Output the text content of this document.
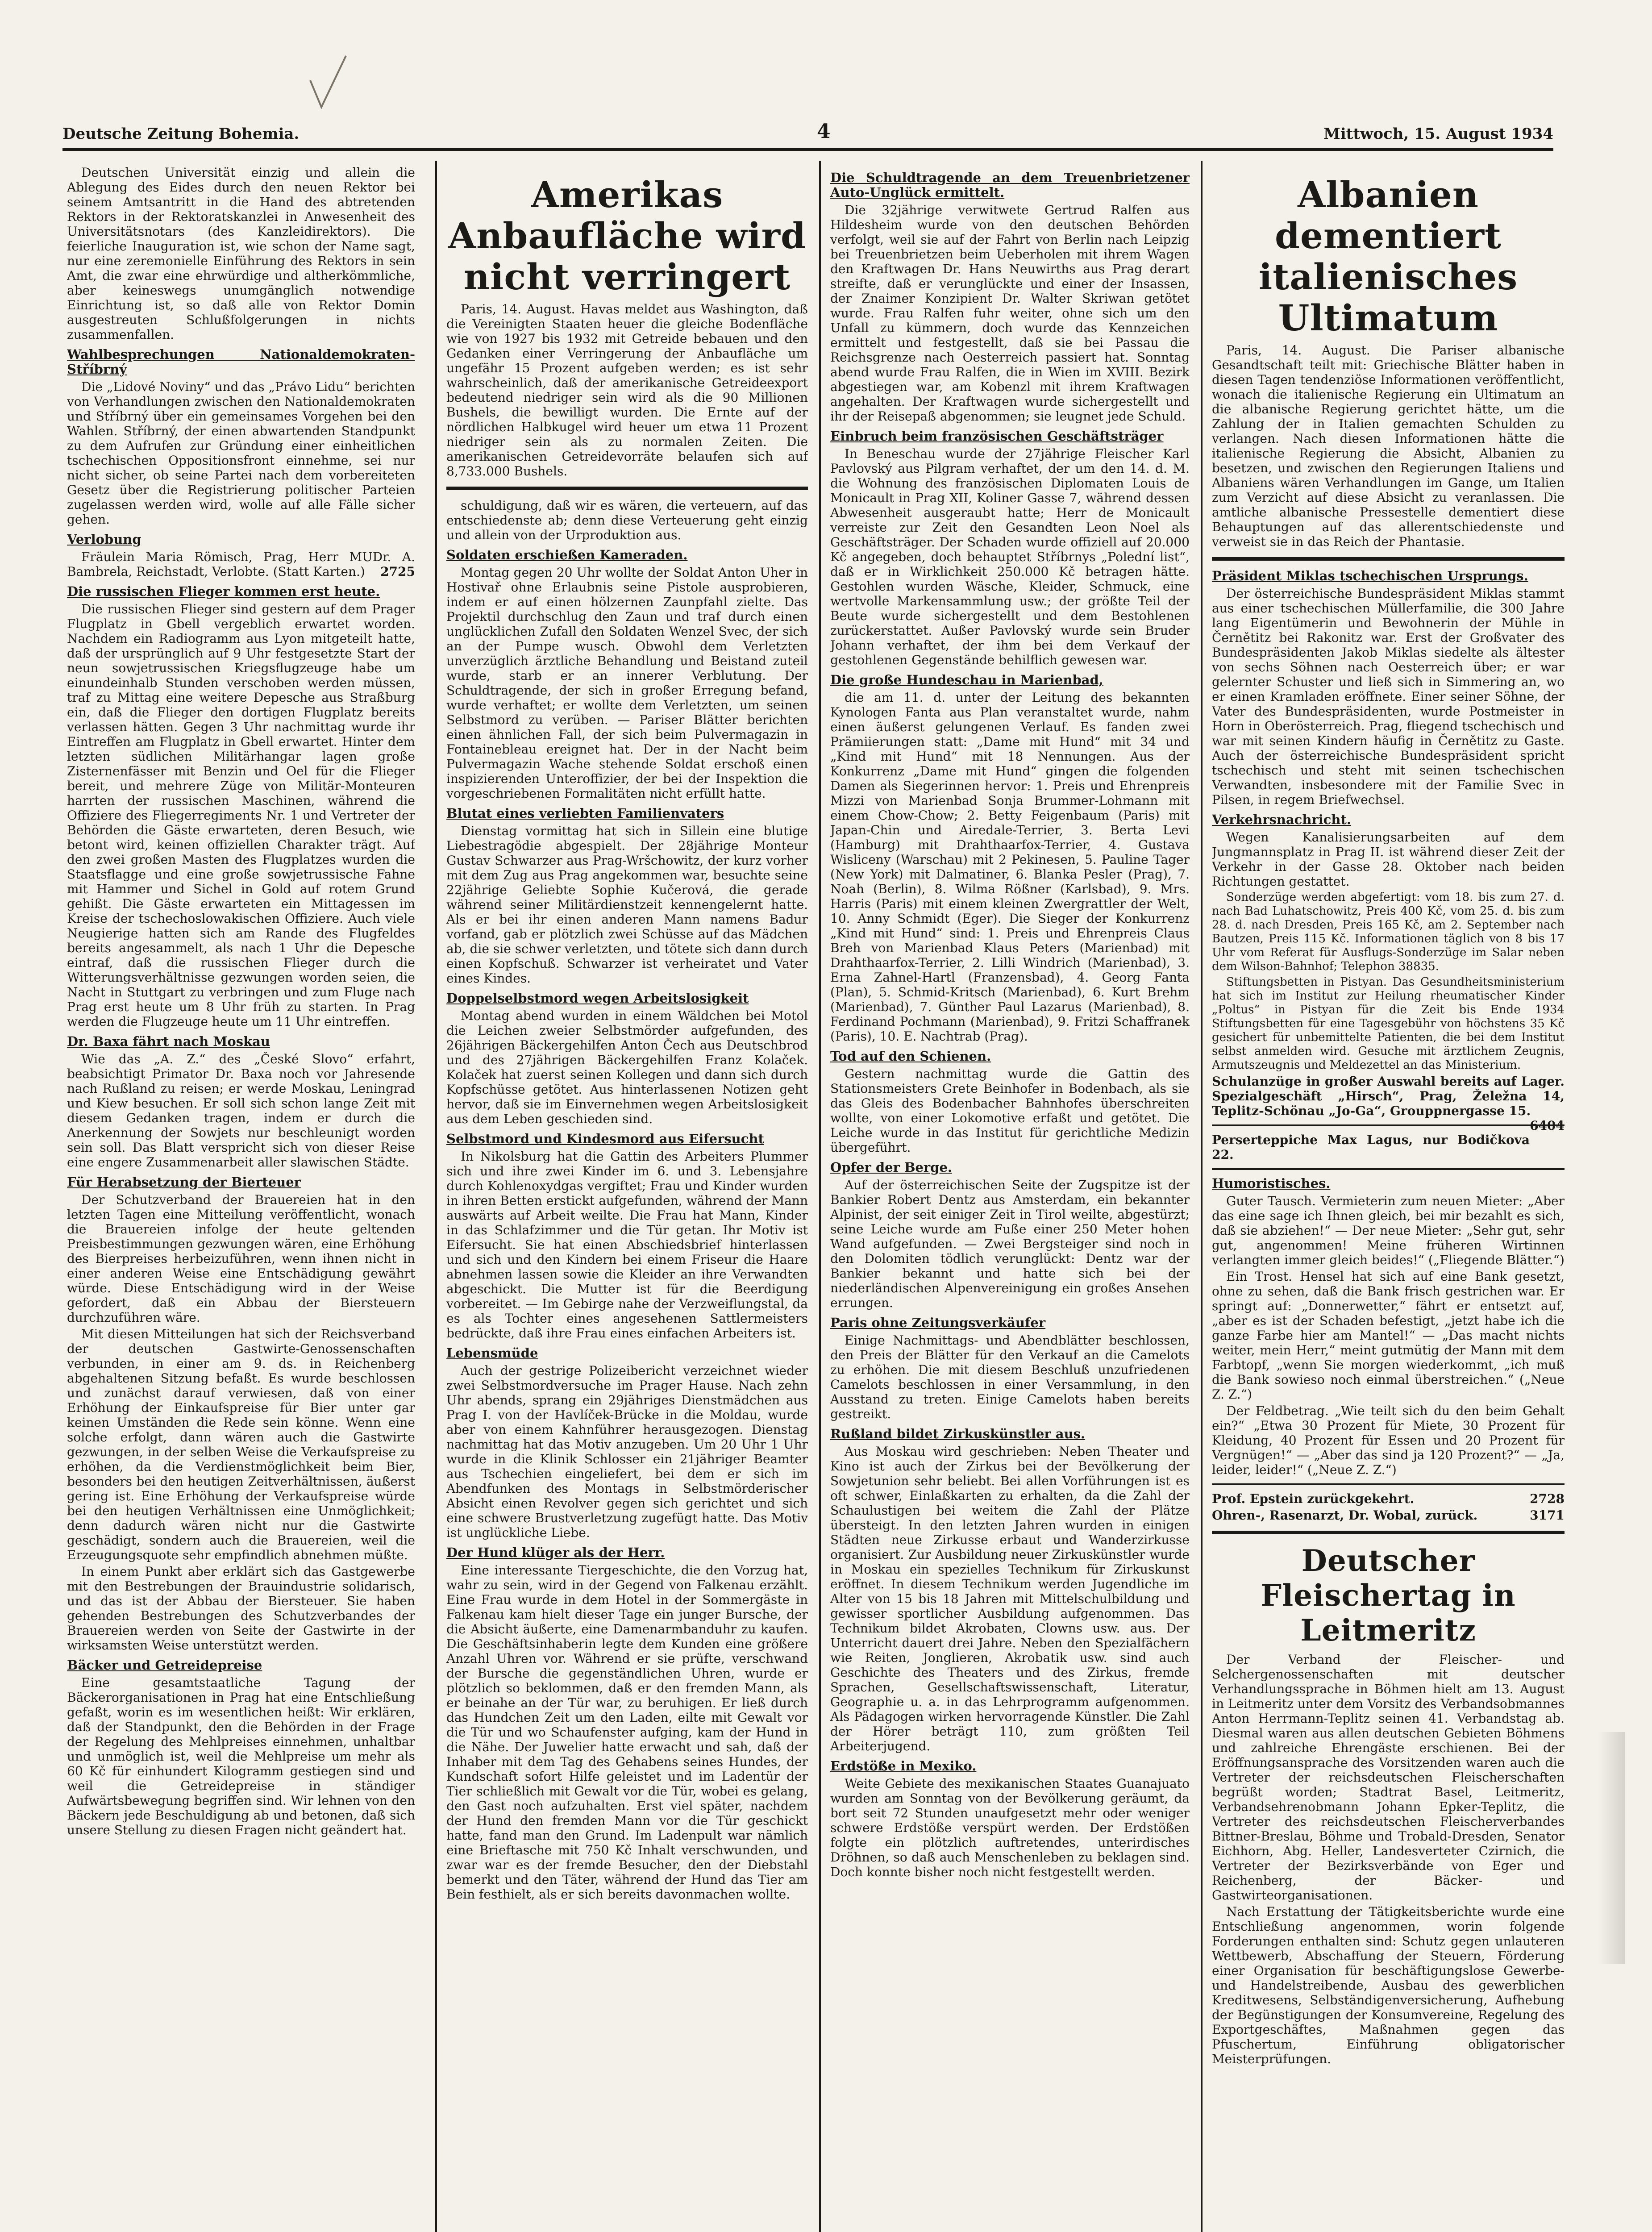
Deutsche Zeitung Bohemia.	4	Mittwoch, 15. August 1934

Deutschen Universität einzig und allein die Ablegung des Eides durch den neuen Rektor bei seinem Amtsantritt in die Hand des abtretenden Rektors in der Rektoratskanzlei in Anwesenheit des Universitätsnotars (des Kanzleidirektors). Die feierliche Inauguration ist, wie schon der Name sagt, nur eine zeremonielle Einführung des Rektors in sein Amt, die zwar eine ehrwürdige und altherkömmliche, aber keineswegs unumgänglich notwendige Einrichtung ist, so daß alle von Rektor Domin ausgestreuten Schlußfolgerungen in nichts zusammenfallen.

Wahlbesprechungen Nationaldemokraten-Stříbrný

Die „Lidové Noviny“ und das „Právo Lidu“ berichten von Verhandlungen zwischen den Nationaldemokraten und Stříbrný über ein gemeinsames Vorgehen bei den Wahlen. Stříbrný, der einen abwartenden Standpunkt zu dem Aufrufen zur Gründung einer einheitlichen tschechischen Oppositionsfront einnehme, sei nur nicht sicher, ob seine Partei nach dem vorbereiteten Gesetz über die Registrierung politischer Parteien zugelassen werden wird, wolle auf alle Fälle sicher gehen.

Verlobung

Fräulein Maria Römisch, Prag, Herr MUDr. A. Bambrela, Reichstadt, Verlobte. (Statt Karten.)	2725

Die russischen Flieger kommen erst heute.

Die russischen Flieger sind gestern auf dem Prager Flugplatz in Gbell vergeblich erwartet worden. Nachdem ein Radiogramm aus Lyon mitgeteilt hatte, daß der ursprünglich auf 9 Uhr festgesetzte Start der neun sowjetrussischen Kriegsflugzeuge habe um einundeinhalb Stunden verschoben werden müssen, traf zu Mittag eine weitere Depesche aus Straßburg ein, daß die Flieger den dortigen Flugplatz bereits verlassen hätten. Gegen 3 Uhr nachmittag wurde ihr Eintreffen am Flugplatz in Gbell erwartet. Hinter dem letzten südlichen Militärhangar lagen große Zisternenfässer mit Benzin und Oel für die Flieger bereit, und mehrere Züge von Militär-Monteuren harrten der russischen Maschinen, während die Offiziere des Fliegerregiments Nr. 1 und Vertreter der Behörden die Gäste erwarteten, deren Besuch, wie betont wird, keinen offiziellen Charakter trägt. Auf den zwei großen Masten des Flugplatzes wurden die Staatsflagge und eine große sowjetrussische Fahne mit Hammer und Sichel in Gold auf rotem Grund gehißt. Die Gäste erwarteten ein Mittagessen im Kreise der tschechoslowakischen Offiziere. Auch viele Neugierige hatten sich am Rande des Flugfeldes bereits angesammelt, als nach 1 Uhr die Depesche eintraf, daß die russischen Flieger durch die Witterungsverhältnisse gezwungen worden seien, die Nacht in Stuttgart zu verbringen und zum Fluge nach Prag erst heute um 8 Uhr früh zu starten. In Prag werden die Flugzeuge heute um 11 Uhr eintreffen.

Dr. Baxa fährt nach Moskau

Wie das „A. Z.“ des „České Slovo“ erfahrt, beabsichtigt Primator Dr. Baxa noch vor Jahresende nach Rußland zu reisen; er werde Moskau, Leningrad und Kiew besuchen. Er soll sich schon lange Zeit mit diesem Gedanken tragen, indem er durch die Anerkennung der Sowjets nur beschleunigt worden sein soll. Das Blatt verspricht sich von dieser Reise eine engere Zusammenarbeit aller slawischen Städte.

Für Herabsetzung der Bierteuer

Der Schutzverband der Brauereien hat in den letzten Tagen eine Mitteilung veröffentlicht, wonach die Brauereien infolge der heute geltenden Preisbestimmungen gezwungen wären, eine Erhöhung des Bierpreises herbeizuführen, wenn ihnen nicht in einer anderen Weise eine Entschädigung gewährt würde. Diese Entschädigung wird in der Weise gefordert, daß ein Abbau der Biersteuern durchzuführen wäre.

Mit diesen Mitteilungen hat sich der Reichsverband der deutschen Gastwirte-Genossenschaften verbunden, in einer am 9. ds. in Reichenberg abgehaltenen Sitzung befaßt. Es wurde beschlossen und zunächst darauf verwiesen, daß von einer Erhöhung der Einkaufspreise für Bier unter gar keinen Umständen die Rede sein könne. Wenn eine solche erfolgt, dann wären auch die Gastwirte gezwungen, in der selben Weise die Verkaufspreise zu erhöhen, da die Verdienstmöglichkeit beim Bier, besonders bei den heutigen Zeitverhältnissen, äußerst gering ist. Eine Erhöhung der Verkaufspreise würde bei den heutigen Verhältnissen eine Unmöglichkeit; denn dadurch wären nicht nur die Gastwirte geschädigt, sondern auch die Brauereien, weil die Erzeugungsquote sehr empfindlich abnehmen müßte.

In einem Punkt aber erklärt sich das Gastgewerbe mit den Bestrebungen der Brauindustrie solidarisch, und das ist der Abbau der Biersteuer. Sie haben gehenden Bestrebungen des Schutzverbandes der Brauereien werden von Seite der Gastwirte in der wirksamsten Weise unterstützt werden.

Bäcker und Getreidepreise

Eine gesamtstaatliche Tagung der Bäckerorganisationen in Prag hat eine Entschließung gefaßt, worin es im wesentlichen heißt: Wir erklären, daß der Standpunkt, den die Behörden in der Frage der Regelung des Mehlpreises einnehmen, unhaltbar und unmöglich ist, weil die Mehlpreise um mehr als 60 Kč für einhundert Kilogramm gestiegen sind und weil die Getreidepreise in ständiger Aufwärtsbewegung begriffen sind. Wir lehnen von den Bäckern jede Beschuldigung ab und betonen, daß sich unsere Stellung zu diesen Fragen nicht geändert hat.

Amerikas Anbaufläche wird nicht verringert

Paris, 14. August. Havas meldet aus Washington, daß die Vereinigten Staaten heuer die gleiche Bodenfläche wie von 1927 bis 1932 mit Getreide bebauen und den Gedanken einer Verringerung der Anbaufläche um ungefähr 15 Prozent aufgeben werden; es ist sehr wahrscheinlich, daß der amerikanische Getreideexport bedeutend niedriger sein wird als die 90 Millionen Bushels, die bewilligt wurden. Die Ernte auf der nördlichen Halbkugel wird heuer um etwa 11 Prozent niedriger sein als zu normalen Zeiten. Die amerikanischen Getreidevorräte belaufen sich auf 8,733.000 Bushels.

schuldigung, daß wir es wären, die verteuern, auf das entschiedenste ab; denn diese Verteuerung geht einzig und allein von der Urproduktion aus.

Soldaten erschießen Kameraden.

Montag gegen 20 Uhr wollte der Soldat Anton Uher in Hostivař ohne Erlaubnis seine Pistole ausprobieren, indem er auf einen hölzernen Zaunpfahl zielte. Das Projektil durchschlug den Zaun und traf durch einen unglücklichen Zufall den Soldaten Wenzel Svec, der sich an der Pumpe wusch. Obwohl dem Verletzten unverzüglich ärztliche Behandlung und Beistand zuteil wurde, starb er an innerer Verblutung. Der Schuldtragende, der sich in großer Erregung befand, wurde verhaftet; er wollte dem Verletzten, um seinen Selbstmord zu verüben. — Pariser Blätter berichten einen ähnlichen Fall, der sich beim Pulvermagazin in Fontainebleau ereignet hat. Der in der Nacht beim Pulvermagazin Wache stehende Soldat erschoß einen inspizierenden Unteroffizier, der bei der Inspektion die vorgeschriebenen Formalitäten nicht erfüllt hatte.

Blutat eines verliebten Familienvaters

Dienstag vormittag hat sich in Sillein eine blutige Liebestragödie abgespielt. Der 28jährige Monteur Gustav Schwarzer aus Prag-Wršchowitz, der kurz vorher mit dem Zug aus Prag angekommen war, besuchte seine 22jährige Geliebte Sophie Kučerová, die gerade während seiner Militärdienstzeit kennengelernt hatte. Als er bei ihr einen anderen Mann namens Badur vorfand, gab er plötzlich zwei Schüsse auf das Mädchen ab, die sie schwer verletzten, und tötete sich dann durch einen Kopfschuß. Schwarzer ist verheiratet und Vater eines Kindes.

Doppelselbstmord wegen Arbeitslosigkeit

Montag abend wurden in einem Wäldchen bei Motol die Leichen zweier Selbstmörder aufgefunden, des 26jährigen Bäckergehilfen Anton Čech aus Deutschbrod und des 27jährigen Bäckergehilfen Franz Kolaček. Kolaček hat zuerst seinen Kollegen und dann sich durch Kopfschüsse getötet. Aus hinterlassenen Notizen geht hervor, daß sie im Einvernehmen wegen Arbeitslosigkeit aus dem Leben geschieden sind.

Selbstmord und Kindesmord aus Eifersucht

In Nikolsburg hat die Gattin des Arbeiters Plummer sich und ihre zwei Kinder im 6. und 3. Lebensjahre durch Kohlenoxydgas vergiftet; Frau und Kinder wurden in ihren Betten erstickt aufgefunden, während der Mann auswärts auf Arbeit weilte. Die Frau hat Mann, Kinder in das Schlafzimmer und die Tür getan. Ihr Motiv ist Eifersucht. Sie hat einen Abschiedsbrief hinterlassen und sich und den Kindern bei einem Friseur die Haare abnehmen lassen sowie die Kleider an ihre Verwandten abgeschickt. Die Mutter ist für die Beerdigung vorbereitet. — Im Gebirge nahe der Verzweiflungstal, da es als Tochter eines angesehenen Sattlermeisters bedrückte, daß ihre Frau eines einfachen Arbeiters ist.

Lebensmüde

Auch der gestrige Polizeibericht verzeichnet wieder zwei Selbstmordversuche im Prager Hause. Nach zehn Uhr abends, sprang ein 29jähriges Dienstmädchen aus Prag I. von der Havlíček-Brücke in die Moldau, wurde aber von einem Kahnführer herausgezogen. Dienstag nachmittag hat das Motiv anzugeben. Um 20 Uhr 1 Uhr wurde in die Klinik Schlosser ein 21jähriger Beamter aus Tschechien eingeliefert, bei dem er sich im Abendfunken des Montags in Selbstmörderischer Absicht einen Revolver gegen sich gerichtet und sich eine schwere Brustverletzung zugefügt hatte. Das Motiv ist unglückliche Liebe.

Der Hund klüger als der Herr.

Eine interessante Tiergeschichte, die den Vorzug hat, wahr zu sein, wird in der Gegend von Falkenau erzählt. Eine Frau wurde in dem Hotel in der Sommergäste in Falkenau kam hielt dieser Tage ein junger Bursche, der die Absicht äußerte, eine Damenarmbanduhr zu kaufen. Die Geschäftsinhaberin legte dem Kunden eine größere Anzahl Uhren vor. Während er sie prüfte, verschwand der Bursche die gegenständlichen Uhren, wurde er plötzlich so beklommen, daß er den fremden Mann, als er beinahe an der Tür war, zu beruhigen. Er ließ durch das Hundchen Zeit um den Laden, eilte mit Gewalt vor die Tür und wo Schaufenster aufging, kam der Hund in die Nähe. Der Juwelier hatte erwacht und sah, daß der Inhaber mit dem Tag des Gehabens seines Hundes, der Kundschaft sofort Hilfe geleistet und im Ladentür der Tier schließlich mit Gewalt vor die Tür, wobei es gelang, den Gast noch aufzuhalten. Erst viel später, nachdem der Hund den fremden Mann vor die Tür geschickt hatte, fand man den Grund. Im Ladenpult war nämlich eine Brieftasche mit 750 Kč Inhalt verschwunden, und zwar war es der fremde Besucher, den der Diebstahl bemerkt und den Täter, während der Hund das Tier am Bein festhielt, als er sich bereits davonmachen wollte.

Die Schuldtragende an dem Treuenbrietzener Auto-Unglück ermittelt.

Die 32jährige verwitwete Gertrud Ralfen aus Hildesheim wurde von den deutschen Behörden verfolgt, weil sie auf der Fahrt von Berlin nach Leipzig bei Treuenbrietzen beim Ueberholen mit ihrem Wagen den Kraftwagen Dr. Hans Neuwirths aus Prag derart streifte, daß er verunglückte und einer der Insassen, der Znaimer Konzipient Dr. Walter Skriwan getötet wurde. Frau Ralfen fuhr weiter, ohne sich um den Unfall zu kümmern, doch wurde das Kennzeichen ermittelt und festgestellt, daß sie bei Passau die Reichsgrenze nach Oesterreich passiert hat. Sonntag abend wurde Frau Ralfen, die in Wien im XVIII. Bezirk abgestiegen war, am Kobenzl mit ihrem Kraftwagen angehalten. Der Kraftwagen wurde sichergestellt und ihr der Reisepaß abgenommen; sie leugnet jede Schuld.

Einbruch beim französischen Geschäftsträger

In Beneschau wurde der 27jährige Fleischer Karl Pavlovský aus Pilgram verhaftet, der um den 14. d. M. die Wohnung des französischen Diplomaten Louis de Monicault in Prag XII, Koliner Gasse 7, während dessen Abwesenheit ausgeraubt hatte; Herr de Monicault verreiste zur Zeit den Gesandten Leon Noel als Geschäftsträger. Der Schaden wurde offiziell auf 20.000 Kč angegeben, doch behauptet Stříbrnys „Polední list“, daß er in Wirklichkeit 250.000 Kč betragen hätte. Gestohlen wurden Wäsche, Kleider, Schmuck, eine wertvolle Markensammlung usw.; der größte Teil der Beute wurde sichergestellt und dem Bestohlenen zurückerstattet. Außer Pavlovský wurde sein Bruder Johann verhaftet, der ihm bei dem Verkauf der gestohlenen Gegenstände behilflich gewesen war.

Die große Hundeschau in Marienbad,

die am 11. d. unter der Leitung des bekannten Kynologen Fanta aus Plan veranstaltet wurde, nahm einen äußerst gelungenen Verlauf. Es fanden zwei Prämiierungen statt: „Dame mit Hund“ mit 34 und „Kind mit Hund“ mit 18 Nennungen. Aus der Konkurrenz „Dame mit Hund“ gingen die folgenden Damen als Siegerinnen hervor: 1. Preis und Ehrenpreis Mizzi von Marienbad Sonja Brummer-Lohmann mit einem Chow-Chow; 2. Betty Feigenbaum (Paris) mit Japan-Chin und Airedale-Terrier, 3. Berta Levi (Hamburg) mit Drahthaarfox-Terrier, 4. Gustava Wisliceny (Warschau) mit 2 Pekinesen, 5. Pauline Tager (New York) mit Dalmatiner, 6. Blanka Pesler (Prag), 7. Noah (Berlin), 8. Wilma Rößner (Karlsbad), 9. Mrs. Harris (Paris) mit einem kleinen Zwergrattler der Welt, 10. Anny Schmidt (Eger). Die Sieger der Konkurrenz „Kind mit Hund“ sind: 1. Preis und Ehrenpreis Claus Breh von Marienbad Klaus Peters (Marienbad) mit Drahthaarfox-Terrier, 2. Lilli Windrich (Marienbad), 3. Erna Zahnel-Hartl (Franzensbad), 4. Georg Fanta (Plan), 5. Schmid-Kritsch (Marienbad), 6. Kurt Brehm (Marienbad), 7. Günther Paul Lazarus (Marienbad), 8. Ferdinand Pochmann (Marienbad), 9. Fritzi Schaffranek (Paris), 10. E. Nachtrab (Prag).

Tod auf den Schienen.

Gestern nachmittag wurde die Gattin des Stationsmeisters Grete Beinhofer in Bodenbach, als sie das Gleis des Bodenbacher Bahnhofes überschreiten wollte, von einer Lokomotive erfaßt und getötet. Die Leiche wurde in das Institut für gerichtliche Medizin übergeführt.

Opfer der Berge.

Auf der österreichischen Seite der Zugspitze ist der Bankier Robert Dentz aus Amsterdam, ein bekannter Alpinist, der seit einiger Zeit in Tirol weilte, abgestürzt; seine Leiche wurde am Fuße einer 250 Meter hohen Wand aufgefunden. — Zwei Bergsteiger sind noch in den Dolomiten tödlich verunglückt: Dentz war der Bankier bekannt und hatte sich bei der niederländischen Alpenvereinigung ein großes Ansehen errungen.

Paris ohne Zeitungsverkäufer

Einige Nachmittags- und Abendblätter beschlossen, den Preis der Blätter für den Verkauf an die Camelots zu erhöhen. Die mit diesem Beschluß unzufriedenen Camelots beschlossen in einer Versammlung, in den Ausstand zu treten. Einige Camelots haben bereits gestreikt.

Rußland bildet Zirkuskünstler aus.

Aus Moskau wird geschrieben: Neben Theater und Kino ist auch der Zirkus bei der Bevölkerung der Sowjetunion sehr beliebt. Bei allen Vorführungen ist es oft schwer, Einlaßkarten zu erhalten, da die Zahl der Schaulustigen bei weitem die Zahl der Plätze übersteigt. In den letzten Jahren wurden in einigen Städten neue Zirkusse erbaut und Wanderzirkusse organisiert. Zur Ausbildung neuer Zirkuskünstler wurde in Moskau ein spezielles Technikum für Zirkuskunst eröffnet. In diesem Technikum werden Jugendliche im Alter von 15 bis 18 Jahren mit Mittelschulbildung und gewisser sportlicher Ausbildung aufgenommen. Das Technikum bildet Akrobaten, Clowns usw. aus. Der Unterricht dauert drei Jahre. Neben den Spezialfächern wie Reiten, Jonglieren, Akrobatik usw. sind auch Geschichte des Theaters und des Zirkus, fremde Sprachen, Gesellschaftswissenschaft, Literatur, Geographie u. a. in das Lehrprogramm aufgenommen. Als Pädagogen wirken hervorragende Künstler. Die Zahl der Hörer beträgt 110, zum größten Teil Arbeiterjugend.

Erdstöße in Mexiko.

Weite Gebiete des mexikanischen Staates Guanajuato wurden am Sonntag von der Bevölkerung geräumt, da bort seit 72 Stunden unaufgesetzt mehr oder weniger schwere Erdstöße verspürt werden. Der Erdstößen folgte ein plötzlich auftretendes, unterirdisches Dröhnen, so daß auch Menschenleben zu beklagen sind. Doch konnte bisher noch nicht festgestellt werden.

Albanien dementiert italienisches Ultimatum

Paris, 14. August. Die Pariser albanische Gesandtschaft teilt mit: Griechische Blätter haben in diesen Tagen tendenziöse Informationen veröffentlicht, wonach die italienische Regierung ein Ultimatum an die albanische Regierung gerichtet hätte, um die Zahlung der in Italien gemachten Schulden zu verlangen. Nach diesen Informationen hätte die italienische Regierung die Absicht, Albanien zu besetzen, und zwischen den Regierungen Italiens und Albaniens wären Verhandlungen im Gange, um Italien zum Verzicht auf diese Absicht zu veranlassen. Die amtliche albanische Pressestelle dementiert diese Behauptungen auf das allerentschiedenste und verweist sie in das Reich der Phantasie.

Präsident Miklas tschechischen Ursprungs.

Der österreichische Bundespräsident Miklas stammt aus einer tschechischen Müllerfamilie, die 300 Jahre lang Eigentümerin und Bewohnerin der Mühle in Černětitz bei Rakonitz war. Erst der Großvater des Bundespräsidenten Jakob Miklas siedelte als ältester von sechs Söhnen nach Oesterreich über; er war gelernter Schuster und ließ sich in Simmering an, wo er einen Kramladen eröffnete. Einer seiner Söhne, der Vater des Bundespräsidenten, wurde Postmeister in Horn in Oberösterreich. Prag, fliegend tschechisch und war mit seinen Kindern häufig in Černětitz zu Gaste. Auch der österreichische Bundespräsident spricht tschechisch und steht mit seinen tschechischen Verwandten, insbesondere mit der Familie Svec in Pilsen, in regem Briefwechsel.

Verkehrsnachricht.

Wegen Kanalisierungsarbeiten auf dem Jungmannsplatz in Prag II. ist während dieser Zeit der Verkehr in der Gasse 28. Oktober nach beiden Richtungen gestattet.

Sonderzüge werden abgefertigt: vom 18. bis zum 27. d. nach Bad Luhatschowitz, Preis 400 Kč, vom 25. d. bis zum 28. d. nach Dresden, Preis 165 Kč, am 2. September nach Bautzen, Preis 115 Kč. Informationen täglich von 8 bis 17 Uhr vom Referat für Ausflugs-Sonderzüge im Salar neben dem Wilson-Bahnhof; Telephon 38835.

Stiftungsbetten in Pistyan. Das Gesundheitsministerium hat sich im Institut zur Heilung rheumatischer Kinder „Poltus“ in Pistyan für die Zeit bis Ende 1934 Stiftungsbetten für eine Tagesgebühr von höchstens 35 Kč gesichert für unbemittelte Patienten, die bei dem Institut selbst anmelden wird. Gesuche mit ärztlichem Zeugnis, Armutszeugnis und Meldezettel an das Ministerium.

Schulanzüge in großer Auswahl bereits auf Lager. Spezialgeschäft „Hirsch“, Prag, Želežna 14, Teplitz-Schönau „Jo-Ga“, Grouppnergasse 15.
6404

Perserteppiche Max Lagus, nur Bodičkova 22.

Humoristisches.

Guter Tausch. Vermieterin zum neuen Mieter: „Aber das eine sage ich Ihnen gleich, bei mir bezahlt es sich, daß sie abziehen!“ — Der neue Mieter: „Sehr gut, sehr gut, angenommen! Meine früheren Wirtinnen verlangten immer gleich beides!“ („Fliegende Blätter.“)

Ein Trost. Hensel hat sich auf eine Bank gesetzt, ohne zu sehen, daß die Bank frisch gestrichen war. Er springt auf: „Donnerwetter,“ fährt er entsetzt auf, „aber es ist der Schaden befestigt, „jetzt habe ich die ganze Farbe hier am Mantel!“ — „Das macht nichts weiter, mein Herr,“ meint gutmütig der Mann mit dem Farbtopf, „wenn Sie morgen wiederkommt, „ich muß die Bank sowieso noch einmal überstreichen.“ („Neue Z. Z.“)

Der Feldbetrag. „Wie teilt sich du den beim Gehalt ein?“ „Etwa 30 Prozent für Miete, 30 Prozent für Kleidung, 40 Prozent für Essen und 20 Prozent für Vergnügen!“ — „Aber das sind ja 120 Prozent?“ — „Ja, leider, leider!“ („Neue Z. Z.“)

Prof. Epstein zurückgekehrt.	2728

Ohren-, Rasenarzt, Dr. Wobal, zurück.	3171

Deutscher Fleischertag in Leitmeritz

Der Verband der Fleischer- und Selchergenossenschaften mit deutscher Verhandlungssprache in Böhmen hielt am 13. August in Leitmeritz unter dem Vorsitz des Verbandsobmannes Anton Herrmann-Teplitz seinen 41. Verbandstag ab. Diesmal waren aus allen deutschen Gebieten Böhmens und zahlreiche Ehrengäste erschienen. Bei der Eröffnungsansprache des Vorsitzenden waren auch die Vertreter der reichsdeutschen Fleischerschaften begrüßt worden; Stadtrat Basel, Leitmeritz, Verbandsehrenobmann Johann Epker-Teplitz, die Vertreter des reichsdeutschen Fleischerverbandes Bittner-Breslau, Böhme und Trobald-Dresden, Senator Eichhorn, Abg. Heller, Landesverteter Czirnich, die Vertreter der Bezirksverbände von Eger und Reichenberg, der Bäcker- und Gastwirteorganisationen.

Nach Erstattung der Tätigkeitsberichte wurde eine Entschließung angenommen, worin folgende Forderungen enthalten sind: Schutz gegen unlauteren Wettbewerb, Abschaffung der Steuern, Förderung einer Organisation für beschäftigungslose Gewerbe- und Handelstreibende, Ausbau des gewerblichen Kreditwesens, Selbständigenversicherung, Aufhebung der Begünstigungen der Konsumvereine, Regelung des Exportgeschäftes, Maßnahmen gegen das Pfuschertum, Einführung obligatorischer Meisterprüfungen.
